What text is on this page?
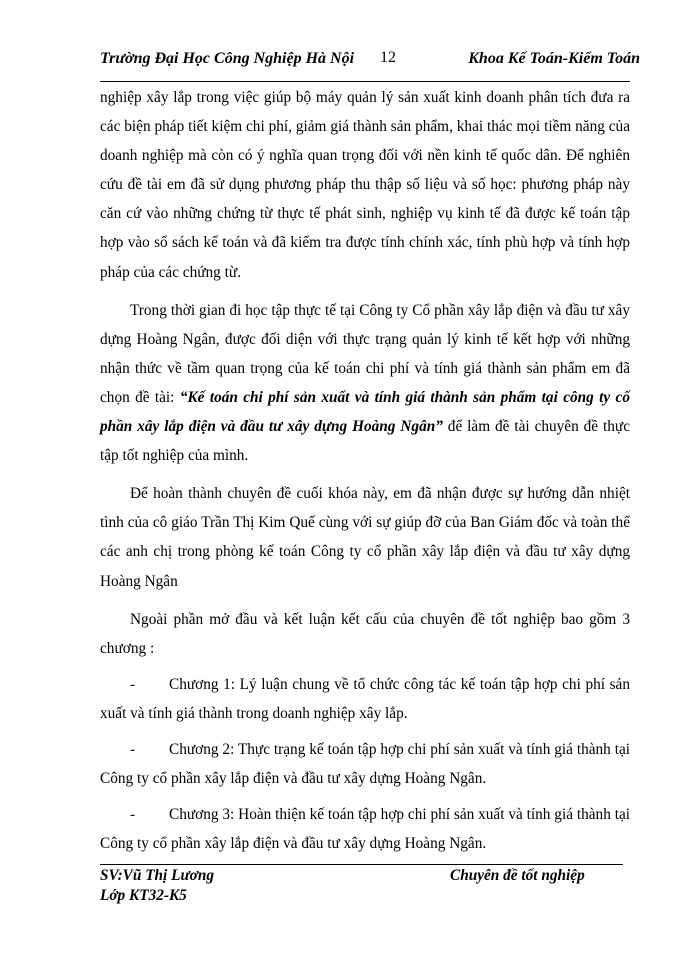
Trường Đại Học Công Nghiệp Hà Nội 12	Khoa Kế Toán-Kiểm Toán

nghiệp xây lắp trong việc giúp bộ máy quản lý sản xuất kinh doanh phân tích đưa ra các biện pháp tiết kiệm chi phí, giảm giá thành sản phẩm, khai thác mọi tiềm năng của doanh nghiệp mà còn có ý nghĩa quan trọng đối với nền kinh tế quốc dân. Để nghiên cứu đề tài em đã sử dụng phương pháp thu thập số liệu và số học: phương pháp này căn cứ vào những chứng từ thực tế phát sinh, nghiệp vụ kinh tế đã được kế toán tập hợp vào sổ sách kế toán và đã kiểm tra được tính chính xác, tính phù hợp và tính hợp pháp của các chứng từ.

Trong thời gian đi học tập thực tế tại Công ty Cổ phần xây lắp điện và đầu tư xây dựng Hoàng Ngân, được đối diện với thực trạng quản lý kinh tế kết hợp với những nhận thức về tầm quan trọng của kế toán chi phí và tính giá thành sản phẩm em đã chọn đề tài: “Kế toán chi phí sản xuất và tính giá thành sản phẩm tại công ty cổ phần xây lắp điện và đầu tư xây dựng Hoàng Ngân” để làm đề tài chuyên đề thực tập tốt nghiệp của mình.

Để hoàn thành chuyên đề cuối khóa này, em đã nhận được sự hướng dẫn nhiệt tình của cô giáo Trần Thị Kim Quế cùng với sự giúp đỡ của Ban Giám đốc và toàn thể các anh chị trong phòng kế toán Công ty cổ phần xây lắp điện và đầu tư xây dựng Hoàng Ngân

Ngoài phần mở đầu và kết luận kết cấu của chuyên đề tốt nghiệp bao gồm 3 chương :

- Chương 1: Lý luận chung về tổ chức công tác kế toán tập hợp chi phí sản xuất và tính giá thành trong doanh nghiệp xây lắp.
- Chương 2: Thực trạng kế toán tập hợp chi phí sản xuất và tính giá thành tại Công ty cổ phần xây lắp điện và đầu tư xây dựng Hoàng Ngân.
- Chương 3: Hoàn thiện kế toán tập hợp chi phí sản xuất và tính giá thành tại Công ty cổ phần xây lắp điện và đầu tư xây dựng Hoàng Ngân.
SV:Vũ Thị Lương	Chuyên đề tốt nghiệp
Lớp KT32-K5
